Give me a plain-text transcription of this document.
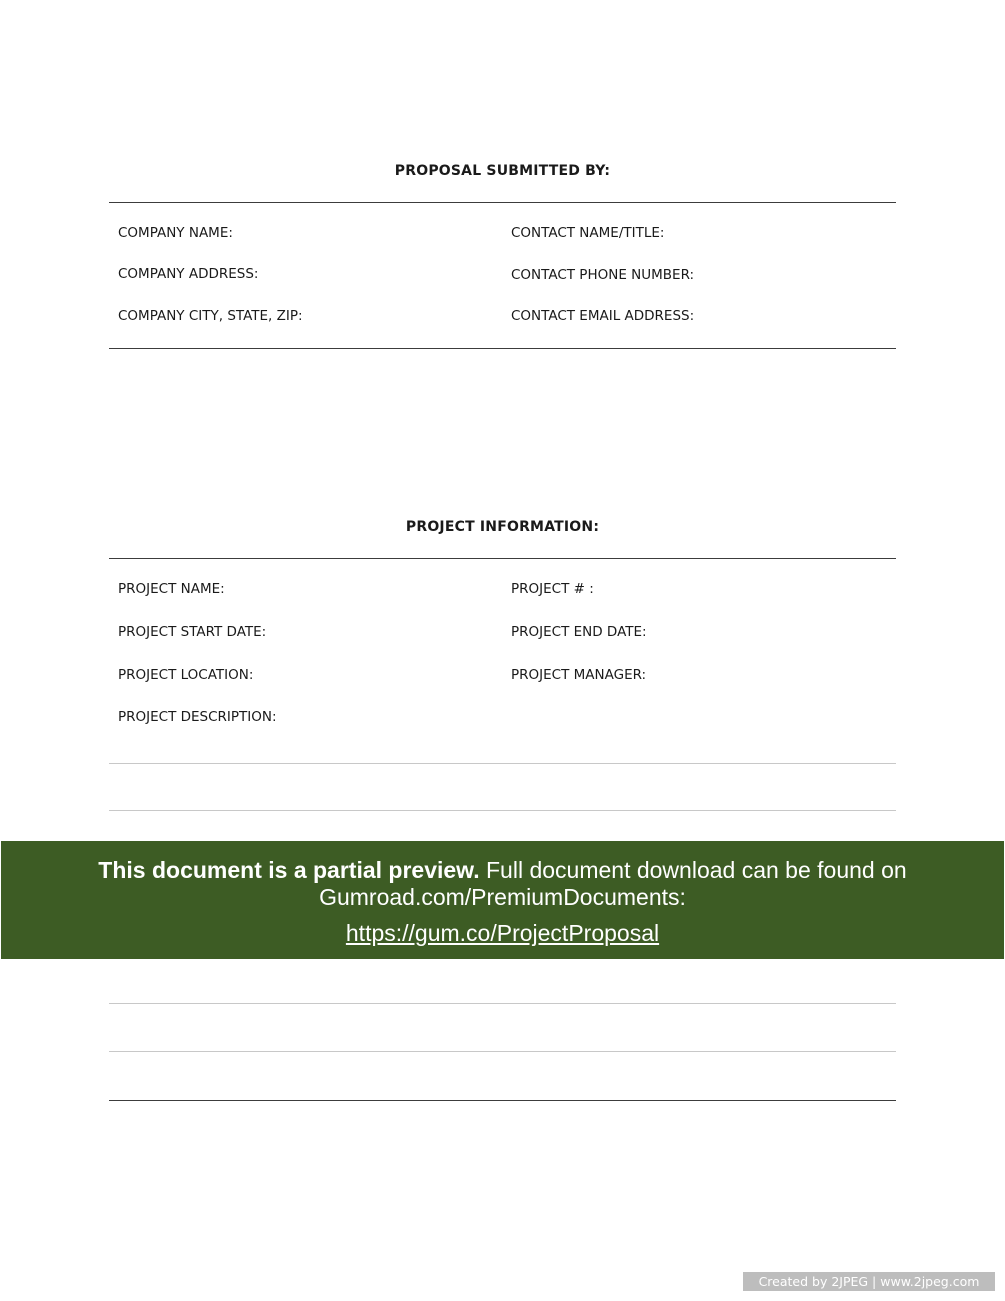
PROPOSAL SUBMITTED BY:
COMPANY NAME:
COMPANY ADDRESS:
COMPANY CITY, STATE, ZIP:
CONTACT NAME/TITLE:
CONTACT PHONE NUMBER:
CONTACT EMAIL ADDRESS:
PROJECT INFORMATION:
PROJECT NAME:
PROJECT START DATE:
PROJECT LOCATION:
PROJECT DESCRIPTION:
PROJECT # :
PROJECT END DATE:
PROJECT MANAGER:
This document is a partial preview. Full document download can be found on
Gumroad.com/PremiumDocuments:
https://gum.co/ProjectProposal
Created by 2JPEG | www.2jpeg.com
